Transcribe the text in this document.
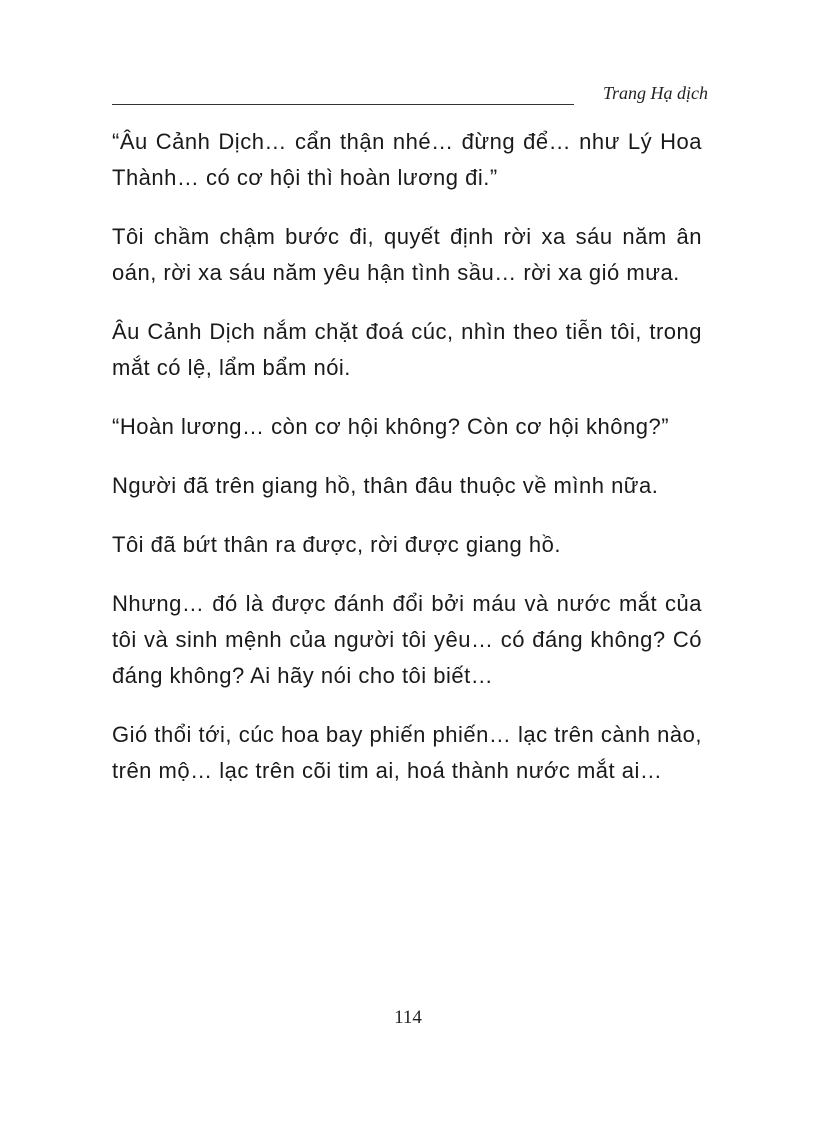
Trang Hạ dịch

“Âu Cảnh Dịch… cẩn thận nhé… đừng để… như Lý Hoa Thành… có cơ hội thì hoàn lương đi.”

Tôi chầm chậm bước đi, quyết định rời xa sáu năm ân oán, rời xa sáu năm yêu hận tình sầu… rời xa gió mưa.

Âu Cảnh Dịch nắm chặt đoá cúc, nhìn theo tiễn tôi, trong mắt có lệ, lẩm bẩm nói.

“Hoàn lương… còn cơ hội không? Còn cơ hội không?”

Người đã trên giang hồ, thân đâu thuộc về mình nữa.

Tôi đã bứt thân ra được, rời được giang hồ.

Nhưng… đó là được đánh đổi bởi máu và nước mắt của tôi và sinh mệnh của người tôi yêu… có đáng không? Có đáng không? Ai hãy nói cho tôi biết…

Gió thổi tới, cúc hoa bay phiến phiến… lạc trên cành nào, trên mộ… lạc trên cõi tim ai, hoá thành nước mắt ai…

114
